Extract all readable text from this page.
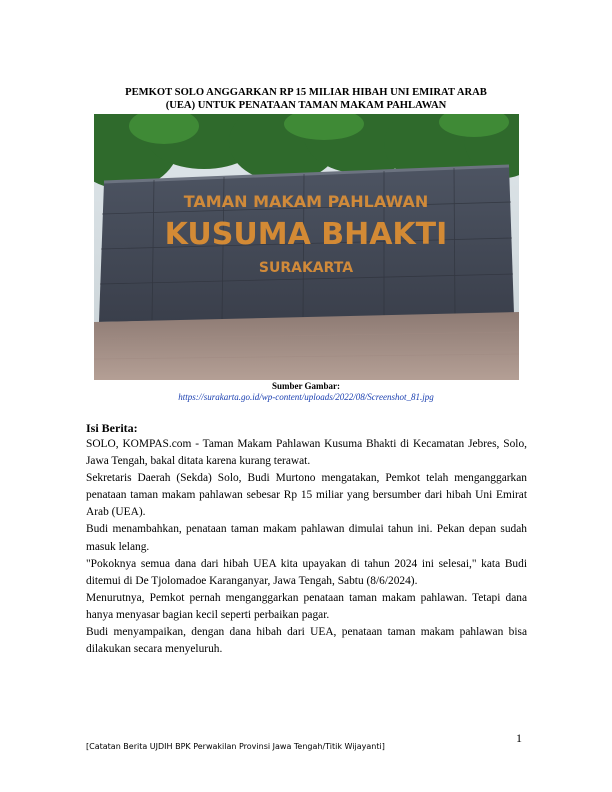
PEMKOT SOLO ANGGARKAN RP 15 MILIAR HIBAH UNI EMIRAT ARAB
(UEA) UNTUK PENATAAN TAMAN MAKAM PAHLAWAN
TAMAN MAKAM PAHLAWAN
KUSUMA BHAKTI
SURAKARTA
Sumber Gambar:
https://surakarta.go.id/wp-content/uploads/2022/08/Screenshot_81.jpg
Isi Berita:

SOLO, KOMPAS.com - Taman Makam Pahlawan Kusuma Bhakti di Kecamatan Jebres, Solo, Jawa Tengah, bakal ditata karena kurang terawat.

Sekretaris Daerah (Sekda) Solo, Budi Murtono mengatakan, Pemkot telah menganggarkan penataan taman makam pahlawan sebesar Rp 15 miliar yang bersumber dari hibah Uni Emirat Arab (UEA).

Budi menambahkan, penataan taman makam pahlawan dimulai tahun ini. Pekan depan sudah masuk lelang.

"Pokoknya semua dana dari hibah UEA kita upayakan di tahun 2024 ini selesai," kata Budi ditemui di De Tjolomadoe Karanganyar, Jawa Tengah, Sabtu (8/6/2024).

Menurutnya, Pemkot pernah menganggarkan penataan taman makam pahlawan. Tetapi dana hanya menyasar bagian kecil seperti perbaikan pagar.

Budi menyampaikan, dengan dana hibah dari UEA, penataan taman makam pahlawan bisa dilakukan secara menyeluruh.

1
[Catatan Berita UJDIH BPK Perwakilan Provinsi Jawa Tengah/Titik Wijayanti]
